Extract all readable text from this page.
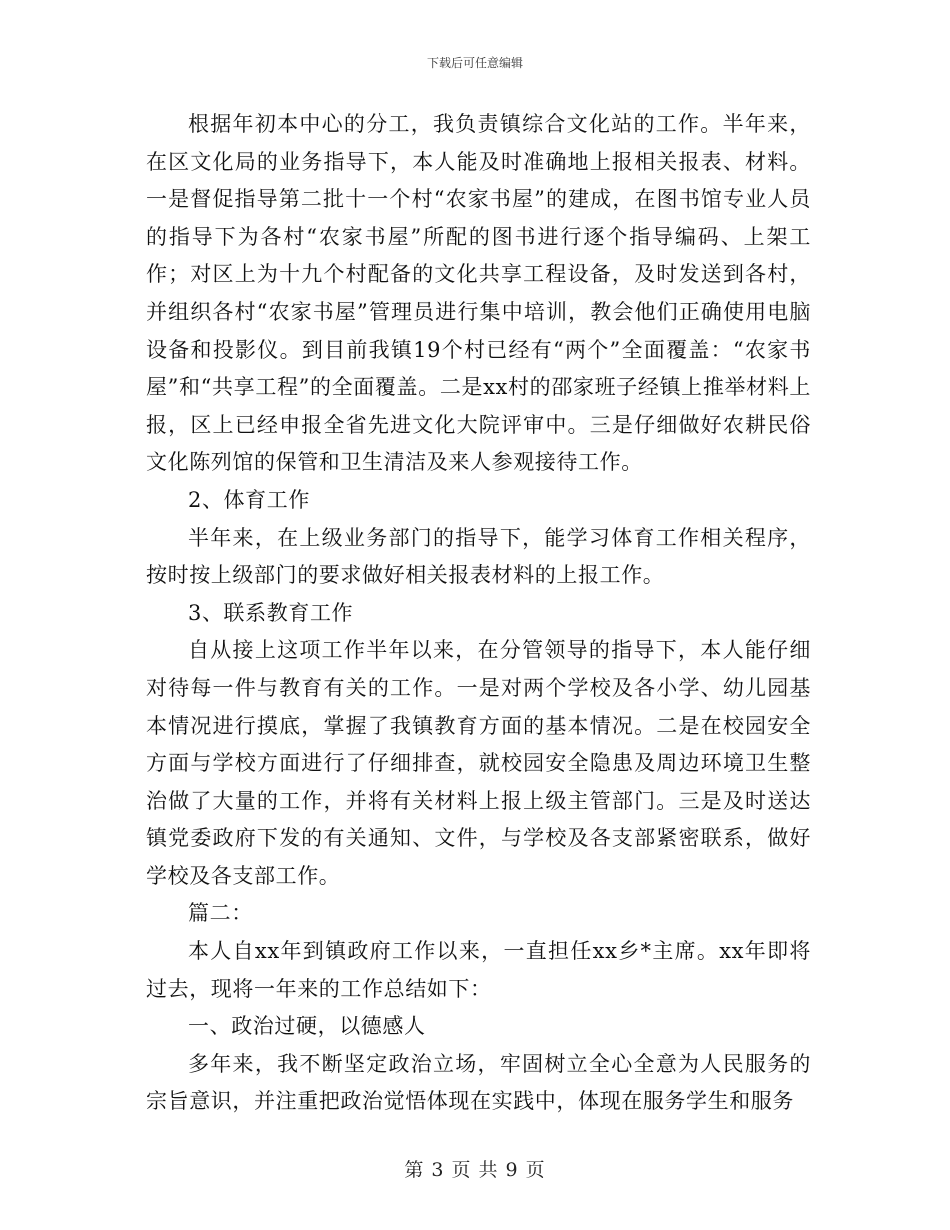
下载后可任意编辑

根据年初本中心的分工，我负责镇综合文化站的工作。半年来，在区文化局的业务指导下，本人能及时准确地上报相关报表、材料。一是督促指导第二批十一个村“农家书屋”的建成，在图书馆专业人员的指导下为各村“农家书屋”所配的图书进行逐个指导编码、上架工作；对区上为十九个村配备的文化共享工程设备，及时发送到各村，并组织各村“农家书屋”管理员进行集中培训，教会他们正确使用电脑设备和投影仪。到目前我镇19个村已经有“两个”全面覆盖：“农家书屋”和“共享工程”的全面覆盖。二是xx村的邵家班子经镇上推举材料上报，区上已经申报全省先进文化大院评审中。三是仔细做好农耕民俗文化陈列馆的保管和卫生清洁及来人参观接待工作。

2、体育工作

半年来，在上级业务部门的指导下，能学习体育工作相关程序，按时按上级部门的要求做好相关报表材料的上报工作。

3、联系教育工作

自从接上这项工作半年以来，在分管领导的指导下，本人能仔细对待每一件与教育有关的工作。一是对两个学校及各小学、幼儿园基本情况进行摸底，掌握了我镇教育方面的基本情况。二是在校园安全方面与学校方面进行了仔细排查，就校园安全隐患及周边环境卫生整治做了大量的工作，并将有关材料上报上级主管部门。三是及时送达镇党委政府下发的有关通知、文件，与学校及各支部紧密联系，做好学校及各支部工作。

篇二：

本人自xx年到镇政府工作以来，一直担任xx乡*主席。xx年即将过去，现将一年来的工作总结如下：

一、政治过硬，以德感人

多年来，我不断坚定政治立场，牢固树立全心全意为人民服务的宗旨意识，并注重把政治觉悟体现在实践中，体现在服务学生和服务

第 3 页 共 9 页
